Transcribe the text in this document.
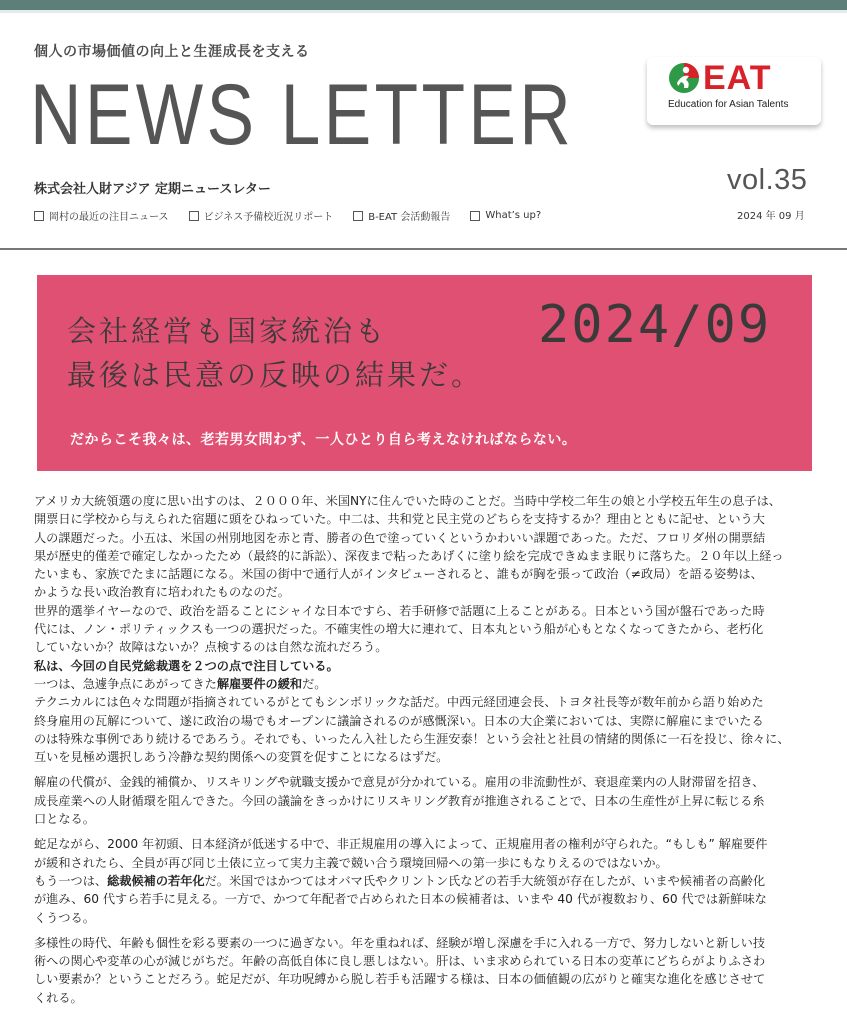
個人の市場価値の向上と生涯成長を支える
NEWS LETTER
株式会社人財アジア 定期ニュースレター
岡村の最近の注目ニュース	ビジネス予備校近況リポート	B-EAT 会活動報告	What’s up?
EAT
Education for Asian Talents
vol.35
2024 年 09 月
会社経営も国家統治も
最後は民意の反映の結果だ。
2024/09
だからこそ我々は、老若男女問わず、一人ひとり自ら考えなければならない。

アメリカ大統領選の度に思い出すのは、２０００年、米国NYに住んでいた時のことだ。当時中学校二年生の娘と小学校五年生の息子は、
開票日に学校から与えられた宿題に頭をひねっていた。中二は、共和党と民主党のどちらを支持するか？理由とともに記せ、という大
人の課題だった。小五は、米国の州別地図を赤と青、勝者の色で塗っていくというかわいい課題であった。ただ、フロリダ州の開票結
果が歴史的僅差で確定しなかったため（最終的に訴訟）、深夜まで粘ったあげくに塗り絵を完成できぬまま眠りに落ちた。２０年以上経っ
たいまも、家族でたまに話題になる。米国の街中で通行人がインタビューされると、誰もが胸を張って政治（≠政局）を語る姿勢は、
かような長い政治教育に培われたものなのだ。

世界的選挙イヤーなので、政治を語ることにシャイな日本ですら、若手研修で話題に上ることがある。日本という国が盤石であった時
代には、ノン・ポリティックスも一つの選択だった。不確実性の増大に連れて、日本丸という船が心もとなくなってきたから、老朽化
していないか？故障はないか？点検するのは自然な流れだろう。

私は、今回の自民党総裁選を２つの点で注目している。

一つは、急遽争点にあがってきた解雇要件の緩和だ。

テクニカルには色々な問題が指摘されているがとてもシンボリックな話だ。中西元経団連会長、トヨタ社長等が数年前から語り始めた
終身雇用の瓦解について、遂に政治の場でもオープンに議論されるのが感慨深い。日本の大企業においては、実際に解雇にまでいたる
のは特殊な事例であり続けるであろう。それでも、いったん入社したら生涯安泰！という会社と社員の情緒的関係に一石を投じ、徐々に、
互いを見極め選択しあう冷静な契約関係への変質を促すことになるはずだ。

解雇の代償が、金銭的補償か、リスキリングや就職支援かで意見が分かれている。雇用の非流動性が、衰退産業内の人財滞留を招き、
成長産業への人財循環を阻んできた。今回の議論をきっかけにリスキリング教育が推進されることで、日本の生産性が上昇に転じる糸
口となる。

蛇足ながら、2000 年初頭、日本経済が低迷する中で、非正規雇用の導入によって、正規雇用者の権利が守られた。“もしも” 解雇要件
が緩和されたら、全員が再び同じ土俵に立って実力主義で競い合う環境回帰への第一歩にもなりえるのではないか。

もう一つは、総裁候補の若年化だ。米国ではかつてはオバマ氏やクリントン氏などの若手大統領が存在したが、いまや候補者の高齢化
が進み、60 代すら若手に見える。一方で、かつて年配者で占められた日本の候補者は、いまや 40 代が複数おり、60 代では新鮮味な
くうつる。

多様性の時代、年齢も個性を彩る要素の一つに過ぎない。年を重ねれば、経験が増し深慮を手に入れる一方で、努力しないと新しい技
術への関心や変革の心が減じがちだ。年齢の高低自体に良し悪しはない。肝は、いま求められている日本の変革にどちらがよりふさわ
しい要素か？ということだろう。蛇足だが、年功呪縛から脱し若手も活躍する様は、日本の価値観の広がりと確実な進化を感じさせて
くれる。
